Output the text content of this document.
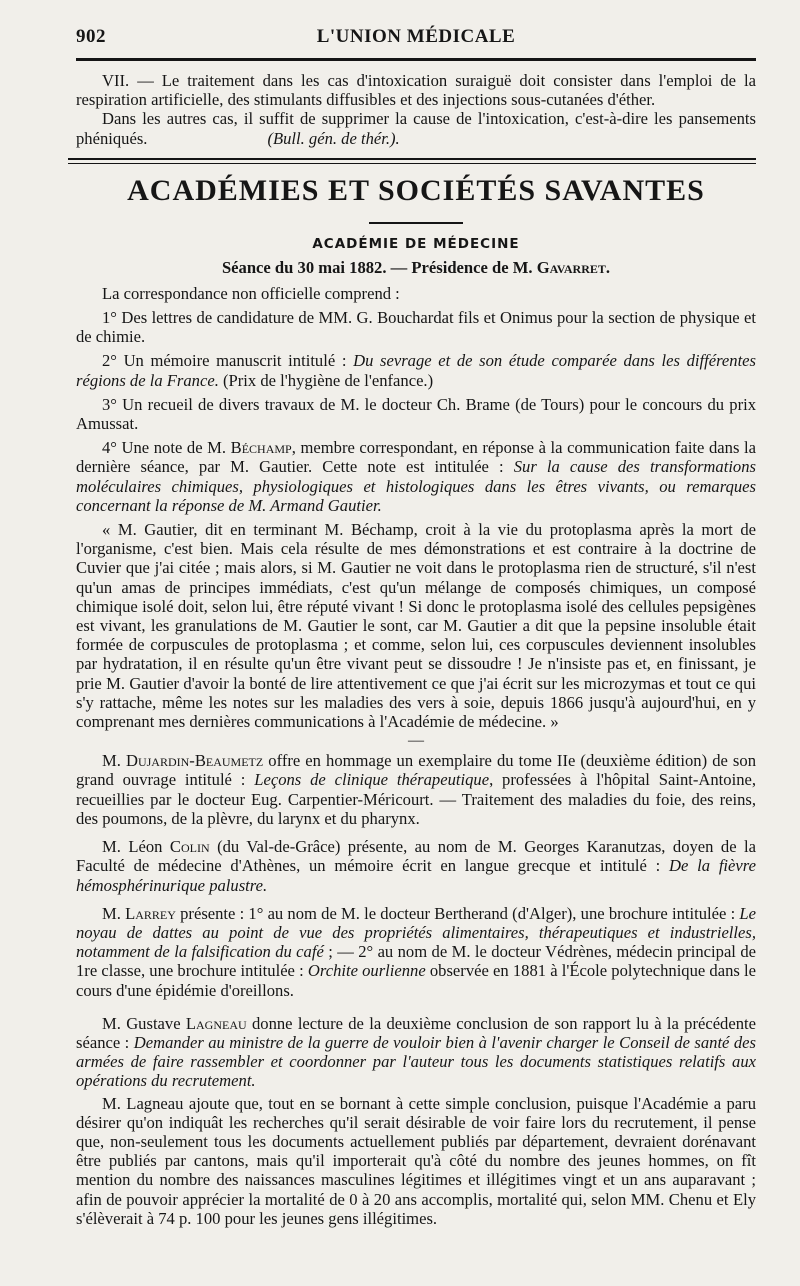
902	L'UNION MÉDICALE

VII. — Le traitement dans les cas d'intoxication suraiguë doit consister dans l'emploi de la respiration artificielle, des stimulants diffusibles et des injections sous-cutanées d'éther.

Dans les autres cas, il suffit de supprimer la cause de l'intoxication, c'est-à-dire les pansements phéniqués.	(Bull. gén. de thér.).

ACADÉMIES ET SOCIÉTÉS SAVANTES
ACADÉMIE DE MÉDECINE
Séance du 30 mai 1882. — Présidence de M. Gavarret.

La correspondance non officielle comprend :

1° Des lettres de candidature de MM. G. Bouchardat fils et Onimus pour la section de physique et de chimie.

2° Un mémoire manuscrit intitulé : Du sevrage et de son étude comparée dans les différentes régions de la France. (Prix de l'hygiène de l'enfance.)

3° Un recueil de divers travaux de M. le docteur Ch. Brame (de Tours) pour le concours du prix Amussat.

4° Une note de M. Béchamp, membre correspondant, en réponse à la communication faite dans la dernière séance, par M. Gautier. Cette note est intitulée : Sur la cause des transformations moléculaires chimiques, physiologiques et histologiques dans les êtres vivants, ou remarques concernant la réponse de M. Armand Gautier.

« M. Gautier, dit en terminant M. Béchamp, croit à la vie du protoplasma après la mort de l'organisme, c'est bien. Mais cela résulte de mes démonstrations et est contraire à la doctrine de Cuvier que j'ai citée ; mais alors, si M. Gautier ne voit dans le protoplasma rien de structuré, s'il n'est qu'un amas de principes immédiats, c'est qu'un mélange de composés chimiques, un composé chimique isolé doit, selon lui, être réputé vivant ! Si donc le protoplasma isolé des cellules pepsigènes est vivant, les granulations de M. Gautier le sont, car M. Gautier a dit que la pepsine insoluble était formée de corpuscules de protoplasma ; et comme, selon lui, ces corpuscules deviennent insolubles par hydratation, il en résulte qu'un être vivant peut se dissoudre ! Je n'insiste pas et, en finissant, je prie M. Gautier d'avoir la bonté de lire attentivement ce que j'ai écrit sur les microzymas et tout ce qui s'y rattache, même les notes sur les maladies des vers à soie, depuis 1866 jusqu'à aujourd'hui, en y comprenant mes dernières communications à l'Académie de médecine. »

—

M. Dujardin-Beaumetz offre en hommage un exemplaire du tome IIe (deuxième édition) de son grand ouvrage intitulé : Leçons de clinique thérapeutique, professées à l'hôpital Saint-Antoine, recueillies par le docteur Eug. Carpentier-Méricourt. — Traitement des maladies du foie, des reins, des poumons, de la plèvre, du larynx et du pharynx.

M. Léon Colin (du Val-de-Grâce) présente, au nom de M. Georges Karanutzas, doyen de la Faculté de médecine d'Athènes, un mémoire écrit en langue grecque et intitulé : De la fièvre hémosphérinurique palustre.

M. Larrey présente : 1° au nom de M. le docteur Bertherand (d'Alger), une brochure intitulée : Le noyau de dattes au point de vue des propriétés alimentaires, thérapeutiques et industrielles, notamment de la falsification du café ; — 2° au nom de M. le docteur Védrènes, médecin principal de 1re classe, une brochure intitulée : Orchite ourlienne observée en 1881 à l'École polytechnique dans le cours d'une épidémie d'oreillons.

M. Gustave Lagneau donne lecture de la deuxième conclusion de son rapport lu à la précédente séance : Demander au ministre de la guerre de vouloir bien à l'avenir charger le Conseil de santé des armées de faire rassembler et coordonner par l'auteur tous les documents statistiques relatifs aux opérations du recrutement.

M. Lagneau ajoute que, tout en se bornant à cette simple conclusion, puisque l'Académie a paru désirer qu'on indiquât les recherches qu'il serait désirable de voir faire lors du recrutement, il pense que, non-seulement tous les documents actuellement publiés par département, devraient dorénavant être publiés par cantons, mais qu'il importerait qu'à côté du nombre des jeunes hommes, on fît mention du nombre des naissances masculines légitimes et illégitimes vingt et un ans auparavant ; afin de pouvoir apprécier la mortalité de 0 à 20 ans accomplis, mortalité qui, selon MM. Chenu et Ely s'élèverait à 74 p. 100 pour les jeunes gens illégitimes.
